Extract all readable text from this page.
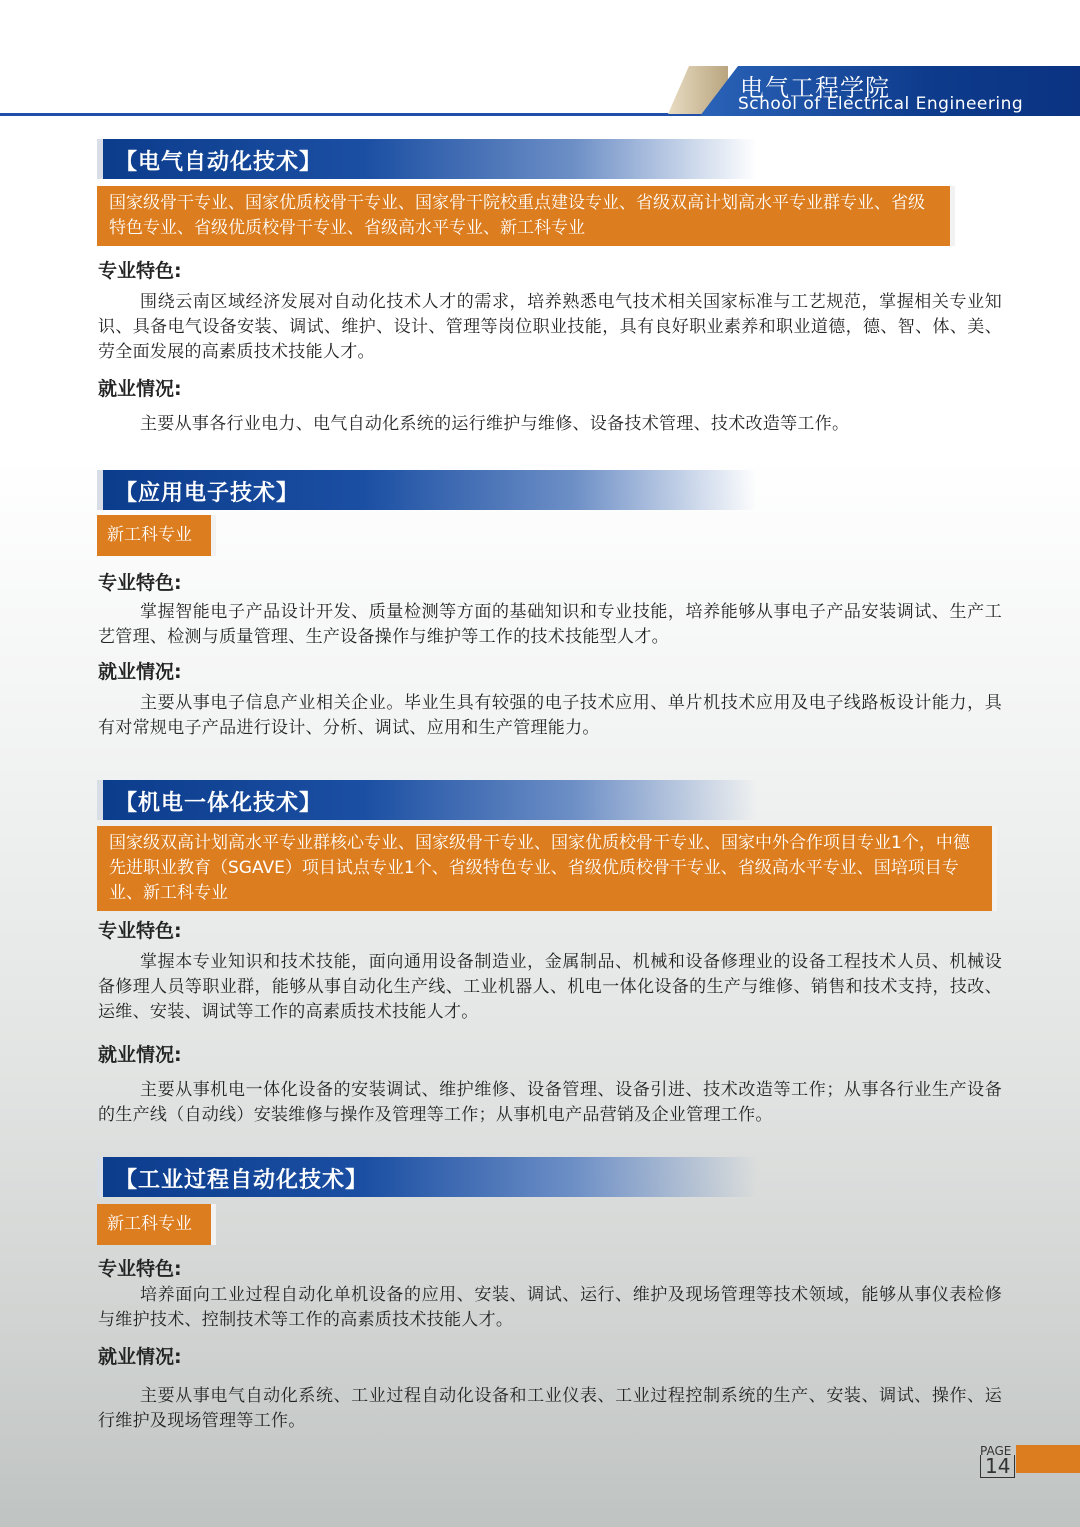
电气工程学院
School of Electrical Engineering
【电气自动化技术】
国家级骨干专业、国家优质校骨干专业、国家骨干院校重点建设专业、省级双高计划高水平专业群专业、省级特色专业、省级优质校骨干专业、省级高水平专业、新工科专业
专业特色:
围绕云南区域经济发展对自动化技术人才的需求，培养熟悉电气技术相关国家标准与工艺规范，掌握相关专业知识、具备电气设备安装、调试、维护、设计、管理等岗位职业技能，具有良好职业素养和职业道德，德、智、体、美、劳全面发展的高素质技术技能人才。
就业情况:
主要从事各行业电力、电气自动化系统的运行维护与维修、设备技术管理、技术改造等工作。
【应用电子技术】
新工科专业
专业特色:
掌握智能电子产品设计开发、质量检测等方面的基础知识和专业技能，培养能够从事电子产品安装调试、生产工艺管理、检测与质量管理、生产设备操作与维护等工作的技术技能型人才。
就业情况:
主要从事电子信息产业相关企业。毕业生具有较强的电子技术应用、单片机技术应用及电子线路板设计能力，具有对常规电子产品进行设计、分析、调试、应用和生产管理能力。
【机电一体化技术】
国家级双高计划高水平专业群核心专业、国家级骨干专业、国家优质校骨干专业、国家中外合作项目专业1个，中德先进职业教育（SGAVE）项目试点专业1个、省级特色专业、省级优质校骨干专业、省级高水平专业、国培项目专业、新工科专业
专业特色:
掌握本专业知识和技术技能，面向通用设备制造业，金属制品、机械和设备修理业的设备工程技术人员、机械设备修理人员等职业群，能够从事自动化生产线、工业机器人、机电一体化设备的生产与维修、销售和技术支持，技改、运维、安装、调试等工作的高素质技术技能人才。
就业情况:
主要从事机电一体化设备的安装调试、维护维修、设备管理、设备引进、技术改造等工作；从事各行业生产设备的生产线（自动线）安装维修与操作及管理等工作；从事机电产品营销及企业管理工作。
【工业过程自动化技术】
新工科专业
专业特色:
培养面向工业过程自动化单机设备的应用、安装、调试、运行、维护及现场管理等技术领域，能够从事仪表检修与维护技术、控制技术等工作的高素质技术技能人才。
就业情况:
主要从事电气自动化系统、工业过程自动化设备和工业仪表、工业过程控制系统的生产、安装、调试、操作、运行维护及现场管理等工作。
PAGE
14
